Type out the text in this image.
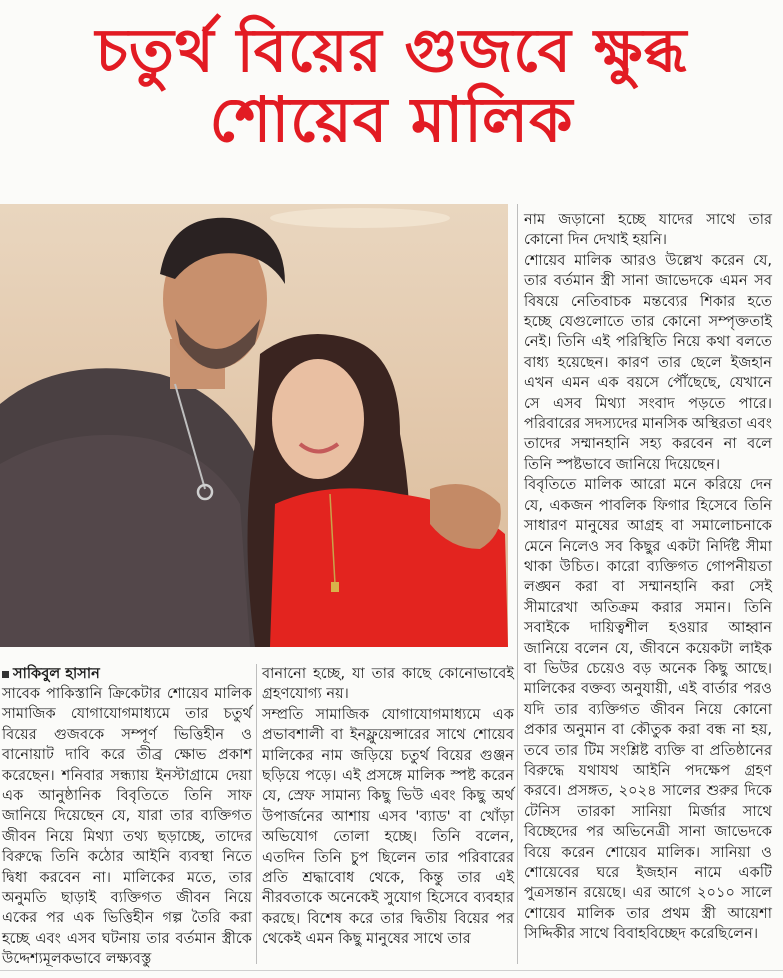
চতুর্থ বিয়ের গুজবে ক্ষুব্ধ
শোয়েব মালিক
সাকিবুল হাসান
সাবেক পাকিস্তানি ক্রিকেটার শোয়েব মালিক সামাজিক যোগাযোগমাধ্যমে তার চতুর্থ বিয়ের গুজবকে সম্পূর্ণ ভিত্তিহীন ও বানোয়াট দাবি করে তীব্র ক্ষোভ প্রকাশ করেছেন। শনিবার সন্ধ্যায় ইনস্টাগ্রামে দেয়া এক আনুষ্ঠানিক বিবৃতিতে তিনি সাফ জানিয়ে দিয়েছেন যে, যারা তার ব্যক্তিগত জীবন নিয়ে মিথ্যা তথ্য ছড়াচ্ছে, তাদের বিরুদ্ধে তিনি কঠোর আইনি ব্যবস্থা নিতে দ্বিধা করবেন না। মালিকের মতে, তার অনুমতি ছাড়াই ব্যক্তিগত জীবন নিয়ে একের পর এক ভিত্তিহীন গল্প তৈরি করা হচ্ছে এবং এসব ঘটনায় তার বর্তমান স্ত্রীকে উদ্দেশ্যমূলকভাবে লক্ষ্যবস্তু
বানানো হচ্ছে, যা তার কাছে কোনোভাবেই গ্রহণযোগ্য নয়।
সম্প্রতি সামাজিক যোগাযোগমাধ্যমে এক প্রভাবশালী বা ইনফ্লুয়েন্সারের সাথে শোয়েব মালিকের নাম জড়িয়ে চতুর্থ বিয়ের গুঞ্জন ছড়িয়ে পড়ে। এই প্রসঙ্গে মালিক স্পষ্ট করেন যে, স্রেফ সামান্য কিছু ভিউ এবং কিছু অর্থ উপার্জনের আশায় এসব 'ব্যাড' বা খোঁড়া অভিযোগ তোলা হচ্ছে। তিনি বলেন, এতদিন তিনি চুপ ছিলেন তার পরিবারের প্রতি শ্রদ্ধাবোধ থেকে, কিন্তু তার এই নীরবতাকে অনেকেই সুযোগ হিসেবে ব্যবহার করছে। বিশেষ করে তার দ্বিতীয় বিয়ের পর থেকেই এমন কিছু মানুষের সাথে তার
নাম জড়ানো হচ্ছে যাদের সাথে তার কোনো দিন দেখাই হয়নি।
শোয়েব মালিক আরও উল্লেখ করেন যে, তার বর্তমান স্ত্রী সানা জাভেদকে এমন সব বিষয়ে নেতিবাচক মন্তব্যের শিকার হতে হচ্ছে যেগুলোতে তার কোনো সম্পৃক্ততাই নেই। তিনি এই পরিস্থিতি নিয়ে কথা বলতে বাধ্য হয়েছেন। কারণ তার ছেলে ইজহান এখন এমন এক বয়সে পৌঁছেছে, যেখানে সে এসব মিথ্যা সংবাদ পড়তে পারে। পরিবারের সদস্যদের মানসিক অস্থিরতা এবং তাদের সম্মানহানি সহ্য করবেন না বলে তিনি স্পষ্টভাবে জানিয়ে দিয়েছেন।
বিবৃতিতে মালিক আরো মনে করিয়ে দেন যে, একজন পাবলিক ফিগার হিসেবে তিনি সাধারণ মানুষের আগ্রহ বা সমালোচনাকে মেনে নিলেও সব কিছুর একটা নির্দিষ্ট সীমা থাকা উচিত। কারো ব্যক্তিগত গোপনীয়তা লঙ্ঘন করা বা সম্মানহানি করা সেই সীমারেখা অতিক্রম করার সমান। তিনি সবাইকে দায়িত্বশীল হওয়ার আহ্বান জানিয়ে বলেন যে, জীবনে কয়েকটা লাইক বা ভিউর চেয়েও বড় অনেক কিছু আছে। মালিকের বক্তব্য অনুযায়ী, এই বার্তার পরও যদি তার ব্যক্তিগত জীবন নিয়ে কোনো প্রকার অনুমান বা কৌতুক করা বন্ধ না হয়, তবে তার টিম সংশ্লিষ্ট ব্যক্তি বা প্রতিষ্ঠানের বিরুদ্ধে যথাযথ আইনি পদক্ষেপ গ্রহণ করবে। প্রসঙ্গত, ২০২৪ সালের শুরুর দিকে টেনিস তারকা সানিয়া মির্জার সাথে বিচ্ছেদের পর অভিনেত্রী সানা জাভেদকে বিয়ে করেন শোয়েব মালিক। সানিয়া ও শোয়েবের ঘরে ইজহান নামে একটি পুত্রসন্তান রয়েছে। এর আগে ২০১০ সালে শোয়েব মালিক তার প্রথম স্ত্রী আয়েশা সিদ্দিকীর সাথে বিবাহবিচ্ছেদ করেছিলেন।
